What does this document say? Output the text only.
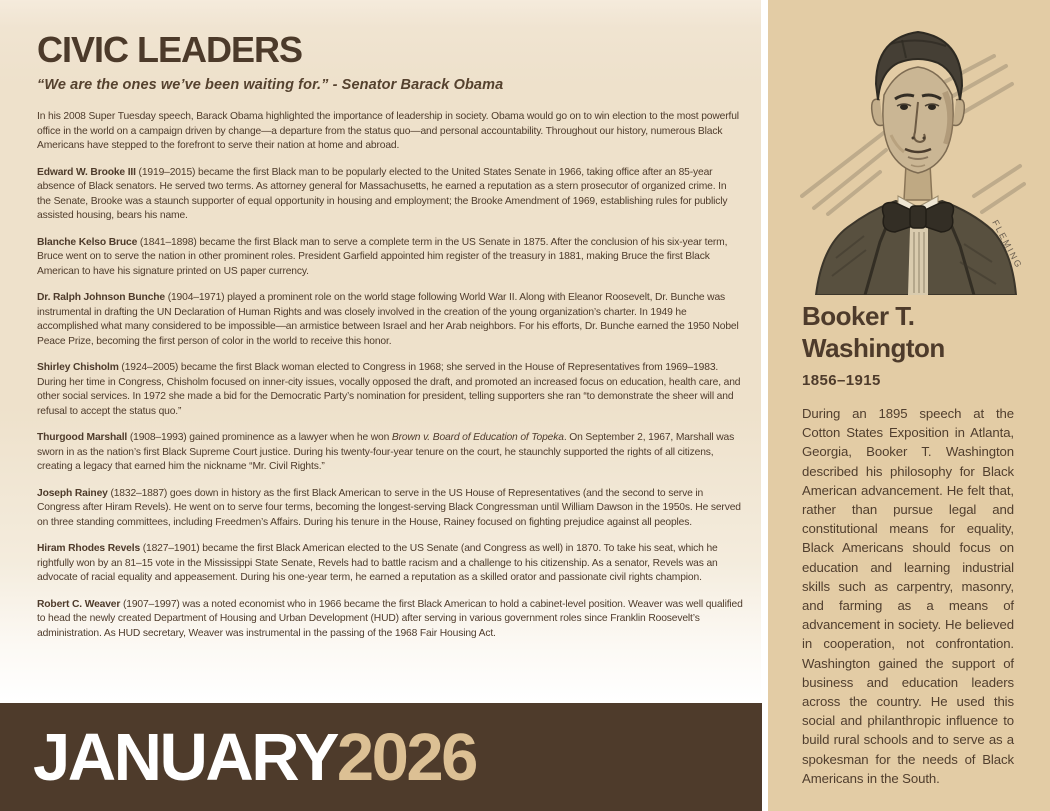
CIVIC LEADERS

“We are the ones we’ve been waiting for.” - Senator Barack Obama

In his 2008 Super Tuesday speech, Barack Obama highlighted the importance of leadership in society. Obama would go on to win election to the most powerful office in the world on a campaign driven by change—a departure from the status quo—and personal accountability. Throughout our history, numerous Black Americans have stepped to the forefront to serve their nation at home and abroad.

Edward W. Brooke III (1919–2015) became the first Black man to be popularly elected to the United States Senate in 1966, taking office after an 85-year absence of Black senators. He served two terms. As attorney general for Massachusetts, he earned a reputation as a stern prosecutor of organized crime. In the Senate, Brooke was a staunch supporter of equal opportunity in housing and employment; the Brooke Amendment of 1969, establishing rules for publicly assisted housing, bears his name.

Blanche Kelso Bruce (1841–1898) became the first Black man to serve a complete term in the US Senate in 1875. After the conclusion of his six-year term, Bruce went on to serve the nation in other prominent roles. President Garfield appointed him register of the treasury in 1881, making Bruce the first Black American to have his signature printed on US paper currency.

Dr. Ralph Johnson Bunche (1904–1971) played a prominent role on the world stage following World War II. Along with Eleanor Roosevelt, Dr. Bunche was instrumental in drafting the UN Declaration of Human Rights and was closely involved in the creation of the young organization’s charter. In 1949 he accomplished what many considered to be impossible—an armistice between Israel and her Arab neighbors. For his efforts, Dr. Bunche earned the 1950 Nobel Peace Prize, becoming the first person of color in the world to receive this honor.

Shirley Chisholm (1924–2005) became the first Black woman elected to Congress in 1968; she served in the House of Representatives from 1969–1983. During her time in Congress, Chisholm focused on inner-city issues, vocally opposed the draft, and promoted an increased focus on education, health care, and other social services. In 1972 she made a bid for the Democratic Party’s nomination for president, telling supporters she ran “to demonstrate the sheer will and refusal to accept the status quo.”

Thurgood Marshall (1908–1993) gained prominence as a lawyer when he won Brown v. Board of Education of Topeka. On September 2, 1967, Marshall was sworn in as the nation’s first Black Supreme Court justice. During his twenty-four-year tenure on the court, he staunchly supported the rights of all citizens, creating a legacy that earned him the nickname “Mr. Civil Rights.”

Joseph Rainey (1832–1887) goes down in history as the first Black American to serve in the US House of Representatives (and the second to serve in Congress after Hiram Revels). He went on to serve four terms, becoming the longest-serving Black Congressman until William Dawson in the 1950s. He served on three standing committees, including Freedmen’s Affairs. During his tenure in the House, Rainey focused on fighting prejudice against all peoples.

Hiram Rhodes Revels (1827–1901) became the first Black American elected to the US Senate (and Congress as well) in 1870. To take his seat, which he rightfully won by an 81–15 vote in the Mississippi State Senate, Revels had to battle racism and a challenge to his citizenship. As a senator, Revels was an advocate of racial equality and appeasement. During his one-year term, he earned a reputation as a skilled orator and passionate civil rights champion.

Robert C. Weaver (1907–1997) was a noted economist who in 1966 became the first Black American to hold a cabinet-level position. Weaver was well qualified to head the newly created Department of Housing and Urban Development (HUD) after serving in various government roles since Franklin Roosevelt’s administration. As HUD secretary, Weaver was instrumental in the passing of the 1968 Fair Housing Act.

JANUARY 2026
FLEMING
Booker T.
Washington
1856–1915

During an 1895 speech at the Cotton States Exposition in Atlanta, Georgia, Booker T. Washington described his philosophy for Black American advancement. He felt that, rather than pursue legal and constitutional means for equality, Black Americans should focus on education and learning industrial skills such as carpentry, masonry, and farming as a means of advancement in society. He believed in cooperation, not confrontation. Washington gained the support of business and education leaders across the country. He used this social and philanthropic influence to build rural schools and to serve as a spokesman for the needs of Black Americans in the South.
